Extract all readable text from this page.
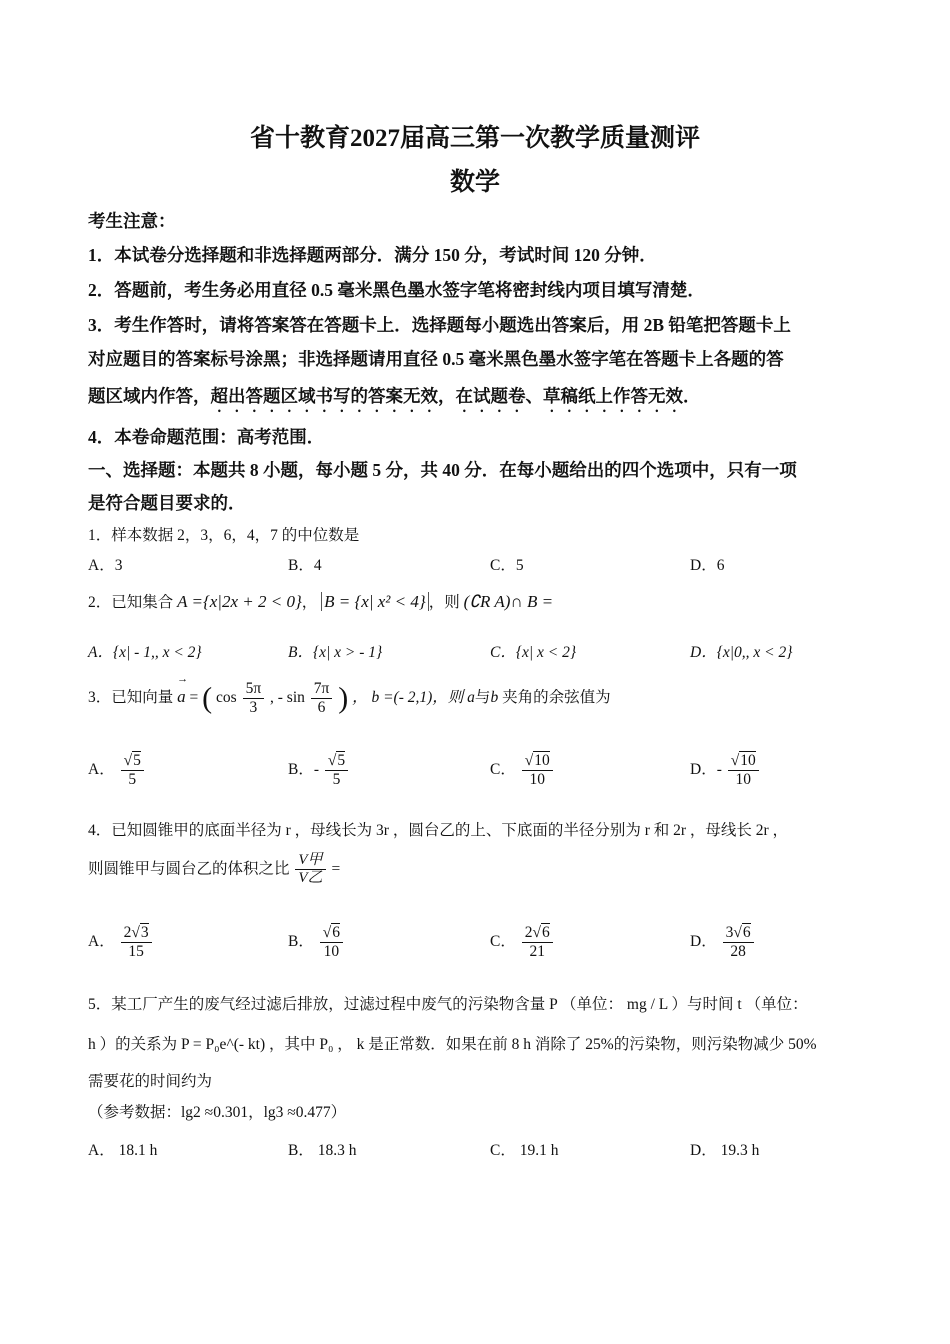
省十教育2027届高三第一次教学质量测评
数学
考生注意：
1．本试卷分选择题和非选择题两部分．满分 150 分，考试时间 120 分钟．
2．答题前，考生务必用直径 0.5 毫米黑色墨水签字笔将密封线内项目填写清楚．
3．考生作答时，请将答案答在答题卡上．选择题每小题选出答案后，用 2B 铅笔把答题卡上
对应题目的答案标号涂黑；非选择题请用直径 0.5 毫米黑色墨水签字笔在答题卡上各题的答
题区域内作答，超出答题区域书写的答案无效，在试题卷、草稿纸上作答无效．
4．本卷命题范围：高考范围．
一、选择题：本题共 8 小题，每小题 5 分，共 40 分．在每小题给出的四个选项中，只有一项
是符合题目要求的．
1．样本数据 2，3，6，4，7 的中位数是
A．3	B．4	C．5	D．6
2．已知集合 A ={x|2x + 2 < 0}， B = {x| x² < 4} ，则 (∁R A)∩ B =
A．{x| - 1,, x < 2}	B．{x| x > - 1}	C．{x| x < 2}	D．{x|0,, x < 2}
3．已知向量 → a = ( $\cos \frac{5\pi}{3}$ , - $\sin \frac{7\pi}{6}$ ) ， b =(- 2,1)，则 a与b 夹角的余弦值为
A． $\frac{√5}{5}$	B．- $\frac{√5}{5}$	C． $\frac{√10}{10}$	D．- $\frac{√10}{10}$
4．已知圆锥甲的底面半径为 r ，母线长为 3r ，圆台乙的上、下底面的半径分别为 r 和 2r ，母线长 2r ，
则圆锥甲与圆台乙的体积之比 $\frac{\text{V甲}}{\text{V乙}}$ =
A． $\frac{2√3}{15}$	B． $\frac{√6}{10}$	C． $\frac{2√6}{21}$	D． $\frac{3√6}{28}$
5．某工厂产生的废气经过滤后排放，过滤过程中废气的污染物含量 P （单位： mg / L ）与时间 t （单位：
h ）的关系为 P = P₀e^(- kt) ，其中 P₀ ， k 是正常数．如果在前 8 h 消除了 25%的污染物，则污染物减少 50%
需要花的时间约为
（参考数据：lg2 ≈0.301，lg3 ≈0.477）
A． 18.1 h	B． 18.3 h	C． 19.1 h	D． 19.3 h
